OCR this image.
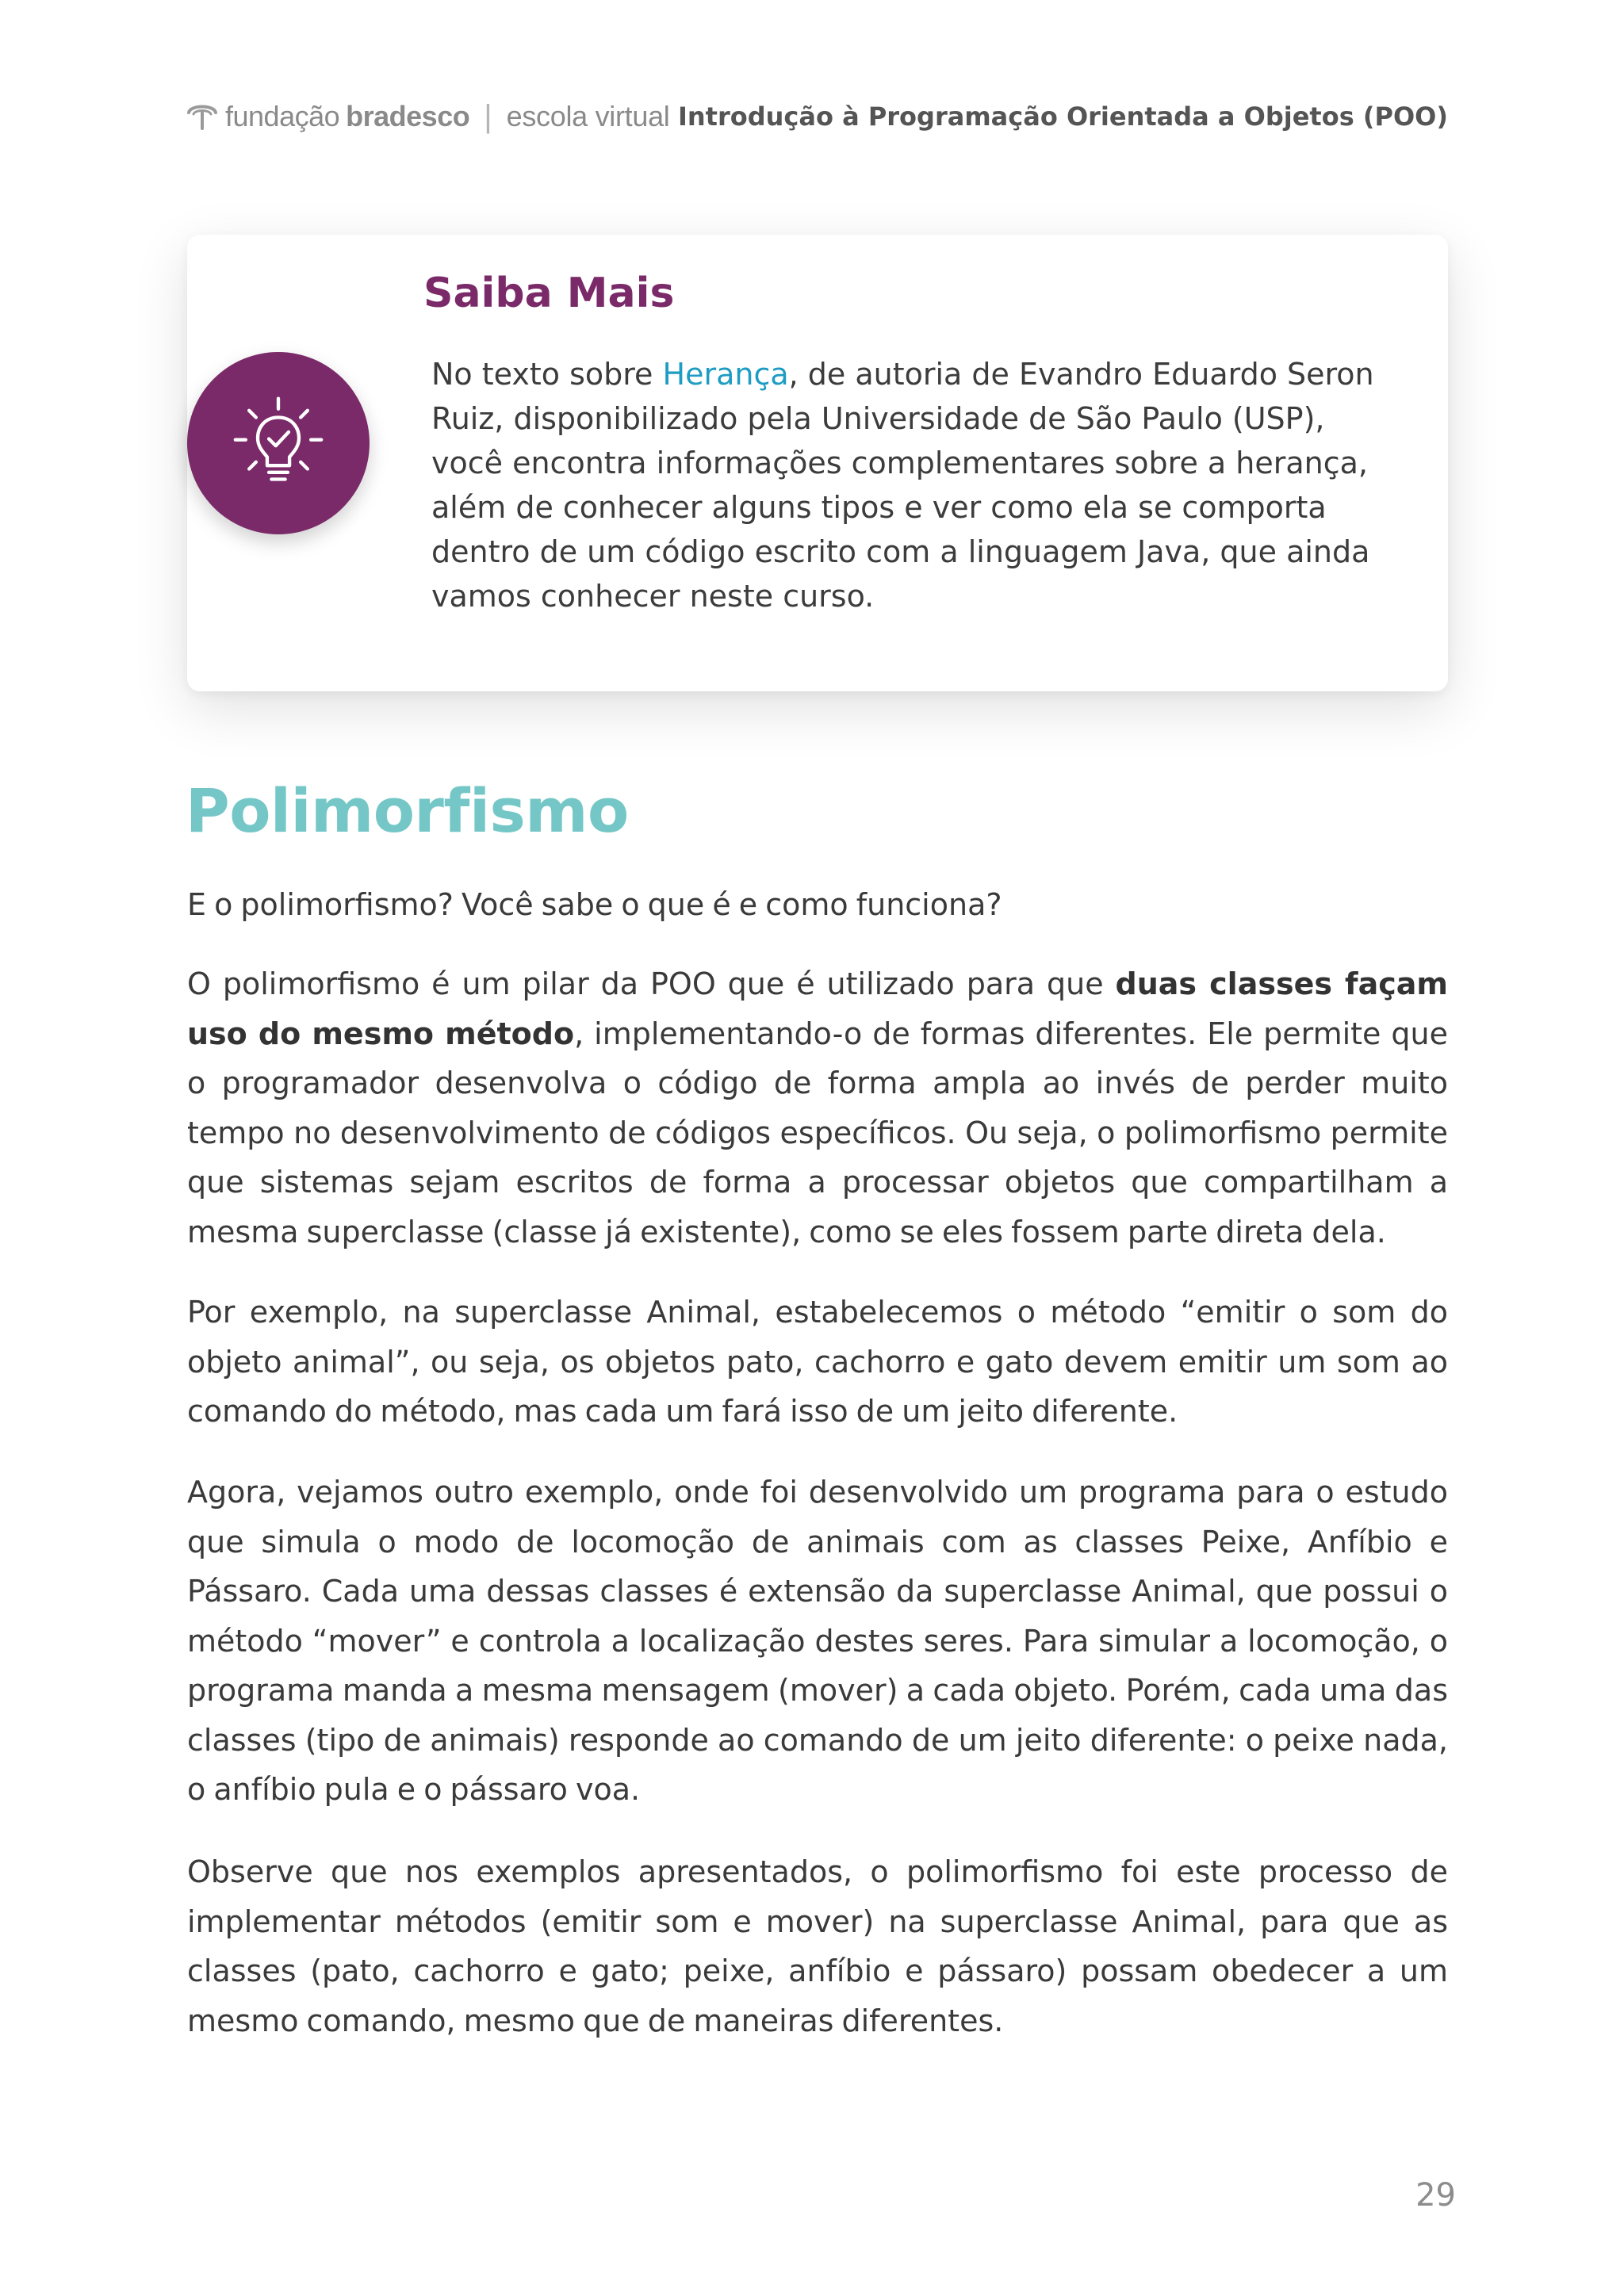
fundação bradesco | escola virtual Introdução à Programação Orientada a Objetos (POO)
Saiba Mais

No texto sobre Herança, de autoria de Evandro Eduardo Seron Ruiz, disponibilizado pela Universidade de São Paulo (USP), você encontra informações complementares sobre a herança, além de conhecer alguns tipos e ver como ela se comporta dentro de um código escrito com a linguagem Java, que ainda vamos conhecer neste curso.

Polimorfismo

E o polimorfismo? Você sabe o que é e como funciona?

O polimorfismo é um pilar da POO que é utilizado para que duas classes façam uso do mesmo método, implementando-o de formas diferentes. Ele permite que o programador desenvolva o código de forma ampla ao invés de perder muito tempo no desenvolvimento de códigos específicos. Ou seja, o polimorfismo permite que sistemas sejam escritos de forma a processar objetos que compartilham a mesma superclasse (classe já existente), como se eles fossem parte direta dela.

Por exemplo, na superclasse Animal, estabelecemos o método “emitir o som do objeto animal”, ou seja, os objetos pato, cachorro e gato devem emitir um som ao comando do método, mas cada um fará isso de um jeito diferente.

Agora, vejamos outro exemplo, onde foi desenvolvido um programa para o estudo que simula o modo de locomoção de animais com as classes Peixe, Anfíbio e Pássaro. Cada uma dessas classes é extensão da superclasse Animal, que possui o método “mover” e controla a localização destes seres. Para simular a locomoção, o programa manda a mesma mensagem (mover) a cada objeto. Porém, cada uma das classes (tipo de animais) responde ao comando de um jeito diferente: o peixe nada, o anfíbio pula e o pássaro voa.

Observe que nos exemplos apresentados, o polimorfismo foi este processo de implementar métodos (emitir som e mover) na superclasse Animal, para que as classes (pato, cachorro e gato; peixe, anfíbio e pássaro) possam obedecer a um mesmo comando, mesmo que de maneiras diferentes.

29
